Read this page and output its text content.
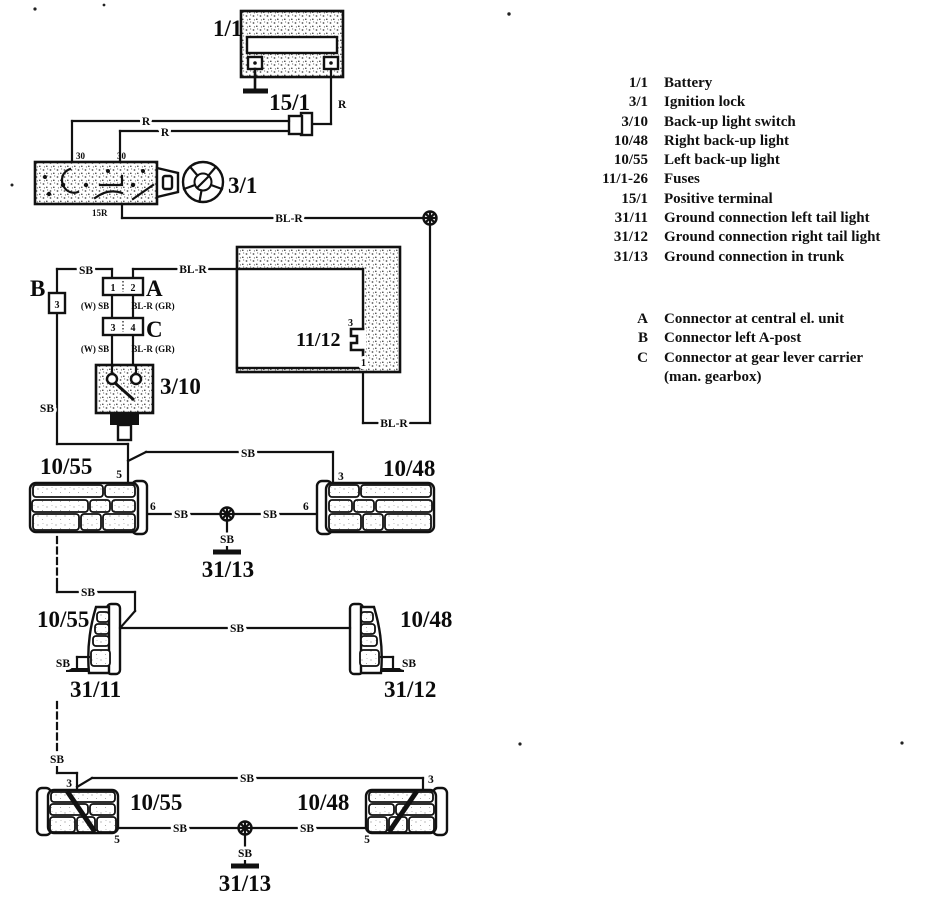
1/1
R
15/1
R
R
30	30
3/1
15R	BL-R
BL-R
11/12
3
1
SB	BL-R
B
3
1 2 A
(W) SB BL-R (GR)
3 4 C
(W) SB BL-R (GR)
3/10
SB
SB
10/55 5	3 10/48
6	6
SB	SB
SB
31/13
SB
10/55	10/48
SB
SB	SB
31/11	31/12
SB
3	SB	3
10/55	10/48
SB	SB
5	5
SB
31/13
1/1 Battery
3/1 Ignition lock
3/10 Back-up light switch
10/48 Right back-up light
10/55 Left back-up light
11/1-26 Fuses
15/1 Positive terminal
31/11 Ground connection left tail light
31/12 Ground connection right tail light
31/13 Ground connection in trunk
A Connector at central el. unit
B Connector left A-post
C Connector at gear lever carrier
(man. gearbox)
